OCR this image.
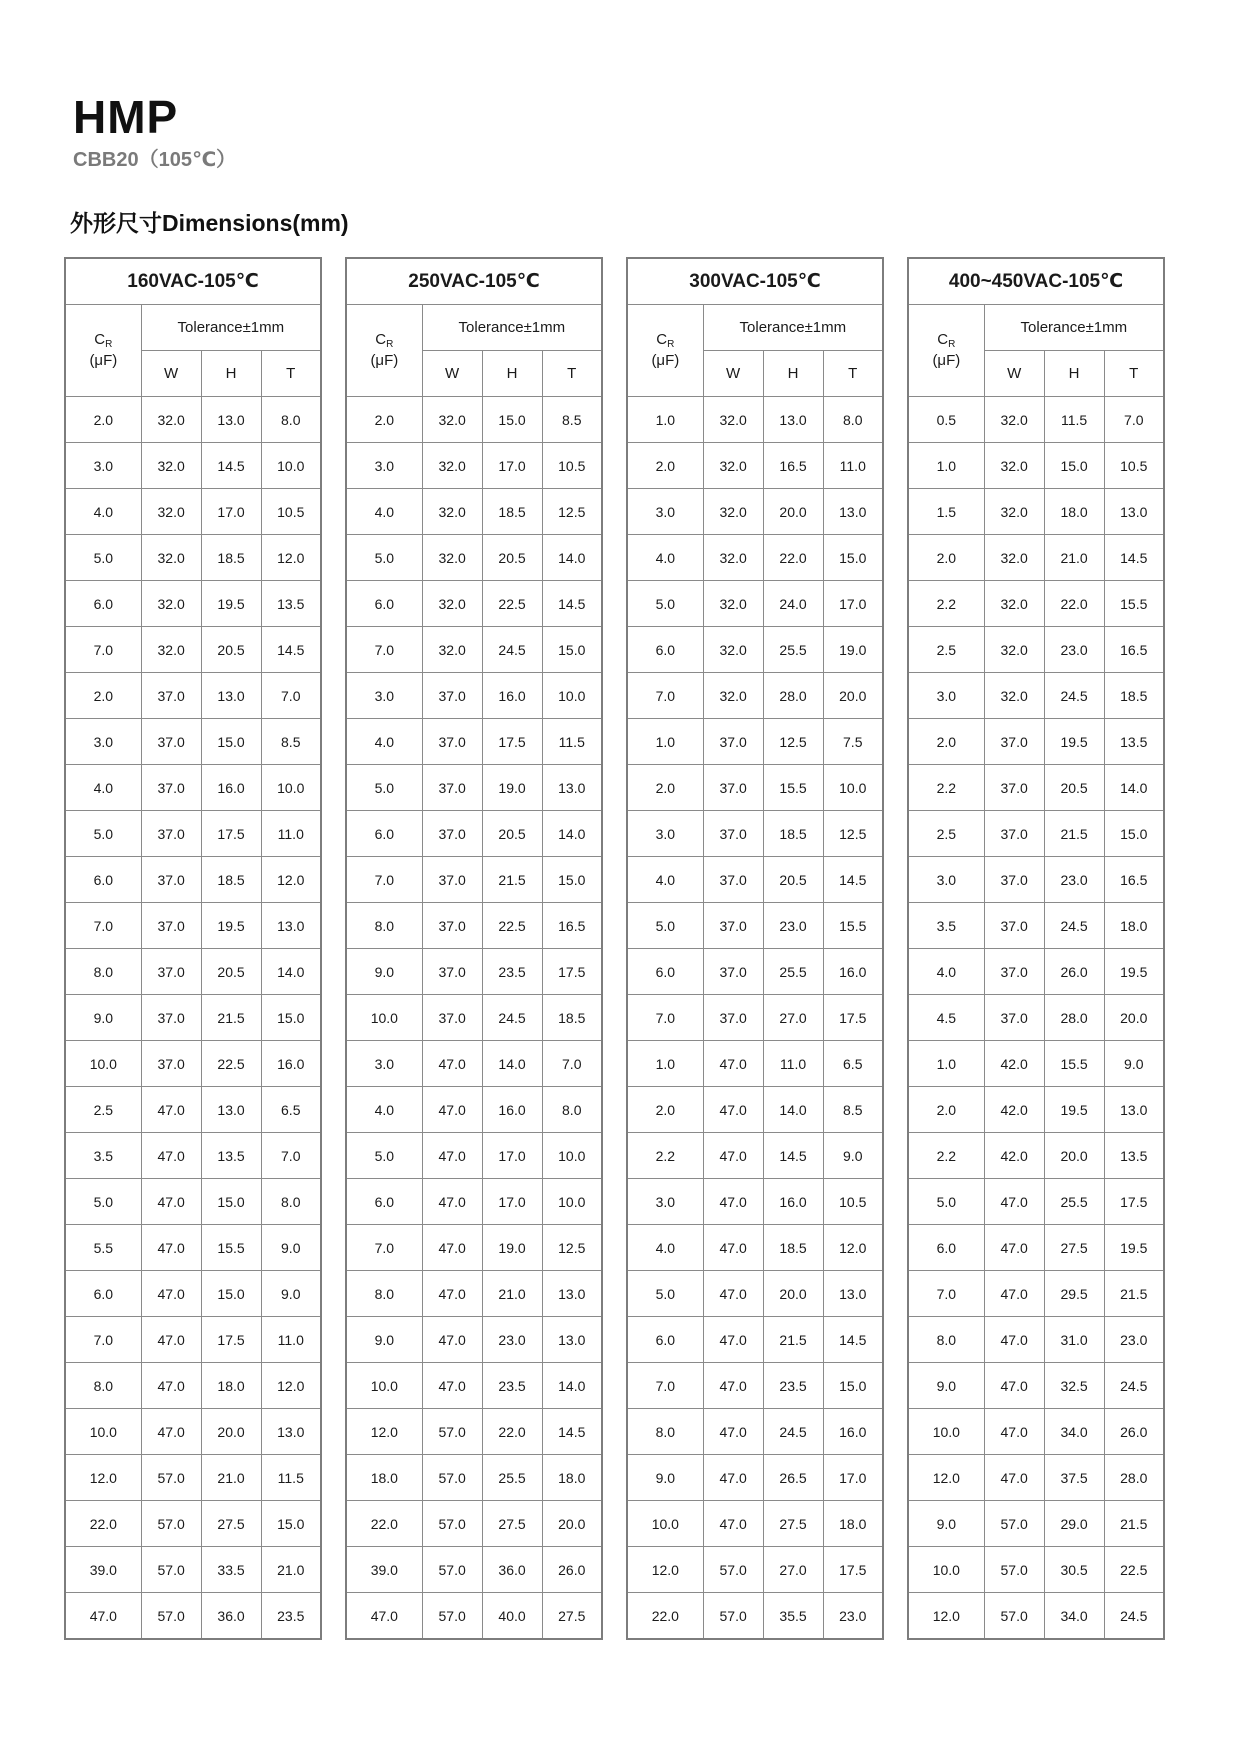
HMP
CBB20（105℃）
外形尺寸Dimensions(mm)
160VAC-105℃			
$C_R$
(μF)	Tolerance±1mm		
	W	H	T
2.0	32.0	13.0	8.0
3.0	32.0	14.5	10.0
4.0	32.0	17.0	10.5
5.0	32.0	18.5	12.0
6.0	32.0	19.5	13.5
7.0	32.0	20.5	14.5
2.0	37.0	13.0	7.0
3.0	37.0	15.0	8.5
4.0	37.0	16.0	10.0
5.0	37.0	17.5	11.0
6.0	37.0	18.5	12.0
7.0	37.0	19.5	13.0
8.0	37.0	20.5	14.0
9.0	37.0	21.5	15.0
10.0	37.0	22.5	16.0
2.5	47.0	13.0	6.5
3.5	47.0	13.5	7.0
5.0	47.0	15.0	8.0
5.5	47.0	15.5	9.0
6.0	47.0	15.0	9.0
7.0	47.0	17.5	11.0
8.0	47.0	18.0	12.0
10.0	47.0	20.0	13.0
12.0	57.0	21.0	11.5
22.0	57.0	27.5	15.0
39.0	57.0	33.5	21.0
47.0	57.0	36.0	23.5
250VAC-105℃			
$C_R$
(μF)	Tolerance±1mm		
	W	H	T
2.0	32.0	15.0	8.5
3.0	32.0	17.0	10.5
4.0	32.0	18.5	12.5
5.0	32.0	20.5	14.0
6.0	32.0	22.5	14.5
7.0	32.0	24.5	15.0
3.0	37.0	16.0	10.0
4.0	37.0	17.5	11.5
5.0	37.0	19.0	13.0
6.0	37.0	20.5	14.0
7.0	37.0	21.5	15.0
8.0	37.0	22.5	16.5
9.0	37.0	23.5	17.5
10.0	37.0	24.5	18.5
3.0	47.0	14.0	7.0
4.0	47.0	16.0	8.0
5.0	47.0	17.0	10.0
6.0	47.0	17.0	10.0
7.0	47.0	19.0	12.5
8.0	47.0	21.0	13.0
9.0	47.0	23.0	13.0
10.0	47.0	23.5	14.0
12.0	57.0	22.0	14.5
18.0	57.0	25.5	18.0
22.0	57.0	27.5	20.0
39.0	57.0	36.0	26.0
47.0	57.0	40.0	27.5
300VAC-105℃			
$C_R$
(μF)	Tolerance±1mm		
	W	H	T
1.0	32.0	13.0	8.0
2.0	32.0	16.5	11.0
3.0	32.0	20.0	13.0
4.0	32.0	22.0	15.0
5.0	32.0	24.0	17.0
6.0	32.0	25.5	19.0
7.0	32.0	28.0	20.0
1.0	37.0	12.5	7.5
2.0	37.0	15.5	10.0
3.0	37.0	18.5	12.5
4.0	37.0	20.5	14.5
5.0	37.0	23.0	15.5
6.0	37.0	25.5	16.0
7.0	37.0	27.0	17.5
1.0	47.0	11.0	6.5
2.0	47.0	14.0	8.5
2.2	47.0	14.5	9.0
3.0	47.0	16.0	10.5
4.0	47.0	18.5	12.0
5.0	47.0	20.0	13.0
6.0	47.0	21.5	14.5
7.0	47.0	23.5	15.0
8.0	47.0	24.5	16.0
9.0	47.0	26.5	17.0
10.0	47.0	27.5	18.0
12.0	57.0	27.0	17.5
22.0	57.0	35.5	23.0
400~450VAC-105℃			
$C_R$
(μF)	Tolerance±1mm		
	W	H	T
0.5	32.0	11.5	7.0
1.0	32.0	15.0	10.5
1.5	32.0	18.0	13.0
2.0	32.0	21.0	14.5
2.2	32.0	22.0	15.5
2.5	32.0	23.0	16.5
3.0	32.0	24.5	18.5
2.0	37.0	19.5	13.5
2.2	37.0	20.5	14.0
2.5	37.0	21.5	15.0
3.0	37.0	23.0	16.5
3.5	37.0	24.5	18.0
4.0	37.0	26.0	19.5
4.5	37.0	28.0	20.0
1.0	42.0	15.5	9.0
2.0	42.0	19.5	13.0
2.2	42.0	20.0	13.5
5.0	47.0	25.5	17.5
6.0	47.0	27.5	19.5
7.0	47.0	29.5	21.5
8.0	47.0	31.0	23.0
9.0	47.0	32.5	24.5
10.0	47.0	34.0	26.0
12.0	47.0	37.5	28.0
9.0	57.0	29.0	21.5
10.0	57.0	30.5	22.5
12.0	57.0	34.0	24.5
